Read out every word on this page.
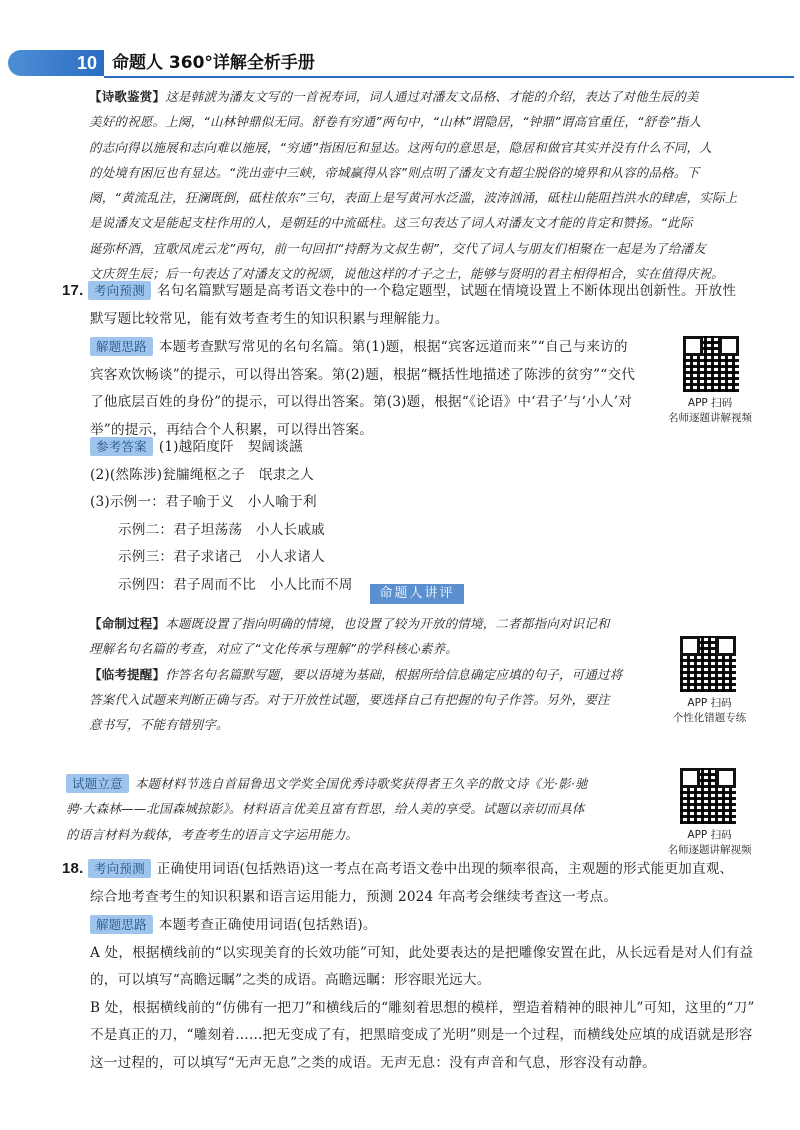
10 命题人 360°详解全析手册
【诗歌鉴赏】这是韩淲为潘友文写的一首祝寿词，词人通过对潘友文品格、才能的介绍，表达了对他生辰的美
美好的祝愿。上阕，“山林钟鼎似无同。舒卷有穷通”两句中，“山林”谓隐居，“钟鼎”谓高官重任，“舒卷”指人
的志向得以施展和志向难以施展，“穷通”指困厄和显达。这两句的意思是，隐居和做官其实并没有什么不同，人
的处境有困厄也有显达。“洗出壶中三峡，帝城赢得从容”则点明了潘友文有超尘脱俗的境界和从容的品格。下
阕，“黄流乱注，狂澜既倒，砥柱侬东”三句，表面上是写黄河水泛滥，波涛汹涌，砥柱山能阻挡洪水的肆虐，实际上
是说潘友文是能起支柱作用的人，是朝廷的中流砥柱。这三句表达了词人对潘友文才能的肯定和赞扬。“此际
诞弥杯酒，宜歌凤虎云龙”两句，前一句回扣“持酹为文叔生朝”，交代了词人与朋友们相聚在一起是为了给潘友
文庆贺生辰；后一句表达了对潘友文的祝颂，说他这样的才子之士，能够与贤明的君主相得相合，实在值得庆祝。
17. 考向预测 名句名篇默写题是高考语文卷中的一个稳定题型，试题在情境设置上不断体现出创新性。开放性
默写题比较常见，能有效考查考生的知识积累与理解能力。
解题思路 本题考查默写常见的名句名篇。第(1)题，根据“宾客远道而来”“自己与来访的
宾客欢饮畅谈”的提示，可以得出答案。第(2)题，根据“概括性地描述了陈涉的贫穷”“交代
了他底层百姓的身份”的提示，可以得出答案。第(3)题，根据“《论语》中‘君子’与‘小人’对
举”的提示，再结合个人积累，可以得出答案。
APP 扫码
名师逐题讲解视频
参考答案 (1)越陌度阡　契阔谈讌
(2)(然陈涉)瓮牖绳枢之子　氓隶之人
(3)示例一：君子喻于义　小人喻于利
示例二：君子坦荡荡　小人长戚戚
示例三：君子求诸己　小人求诸人
示例四：君子周而不比　小人比而不周
命题人讲评
【命制过程】本题既设置了指向明确的情境，也设置了较为开放的情境，二者都指向对识记和
理解名句名篇的考查，对应了“文化传承与理解”的学科核心素养。
【临考提醒】作答名句名篇默写题，要以语境为基础，根据所给信息确定应填的句子，可通过将
答案代入试题来判断正确与否。对于开放性试题，要选择自己有把握的句子作答。另外，要注
意书写，不能有错别字。
APP 扫码
个性化错题专练
试题立意 本题材料节选自首届鲁迅文学奖全国优秀诗歌奖获得者王久辛的散文诗《光·影·驰
骋·大森林——北国森城掠影》。材料语言优美且富有哲思，给人美的享受。试题以亲切而具体
的语言材料为载体，考查考生的语言文字运用能力。	APP 扫码
名师逐题讲解视频
18. 考向预测 正确使用词语(包括熟语)这一考点在高考语文卷中出现的频率很高，主观题的形式能更加直观、
综合地考查考生的知识积累和语言运用能力，预测 2024 年高考会继续考查这一考点。
解题思路 本题考查正确使用词语(包括熟语)。
A 处，根据横线前的“以实现美育的长效功能”可知，此处要表达的是把雕像安置在此，从长远看是对人们有益
的，可以填写“高瞻远瞩”之类的成语。高瞻远瞩：形容眼光远大。
B 处，根据横线前的“仿佛有一把刀”和横线后的“雕刻着思想的模样，塑造着精神的眼神儿”可知，这里的“刀”
不是真正的刀，“雕刻着……把无变成了有，把黑暗变成了光明”则是一个过程，而横线处应填的成语就是形容
这一过程的，可以填写“无声无息”之类的成语。无声无息：没有声音和气息，形容没有动静。
